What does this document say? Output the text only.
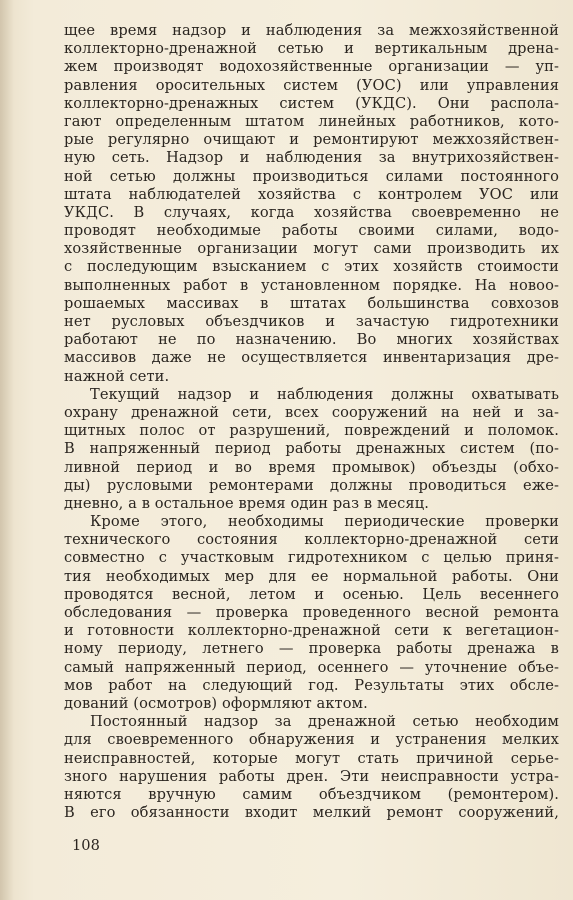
щее время надзор и наблюдения за межхозяйственной
коллекторно-дренажной сетью и вертикальным дрена-
жем производят водохозяйственные организации — уп-
равления оросительных систем (УОС) или управления
коллекторно-дренажных систем (УКДС). Они распола-
гают определенным штатом линейных работников, кото-
рые регулярно очищают и ремонтируют межхозяйствен-
ную сеть. Надзор и наблюдения за внутрихозяйствен-
ной сетью должны производиться силами постоянного
штата наблюдателей хозяйства с контролем УОС или
УКДС. В случаях, когда хозяйства своевременно не
проводят необходимые работы своими силами, водо-
хозяйственные организации могут сами производить их
с последующим взысканием с этих хозяйств стоимости
выполненных работ в установленном порядке. На новоо-
рошаемых массивах в штатах большинства совхозов
нет русловых объездчиков и зачастую гидротехники
работают не по назначению. Во многих хозяйствах
массивов даже не осуществляется инвентаризация дре-
нажной сети.
Текущий надзор и наблюдения должны охватывать
охрану дренажной сети, всех сооружений на ней и за-
щитных полос от разрушений, повреждений и поломок.
В напряженный период работы дренажных систем (по-
ливной период и во время промывок) объезды (обхо-
ды) русловыми ремонтерами должны проводиться еже-
дневно, а в остальное время один раз в месяц.
Кроме этого, необходимы периодические проверки
технического состояния коллекторно-дренажной сети
совместно с участковым гидротехником с целью приня-
тия необходимых мер для ее нормальной работы. Они
проводятся весной, летом и осенью. Цель весеннего
обследования — проверка проведенного весной ремонта
и готовности коллекторно-дренажной сети к вегетацион-
ному периоду, летнего — проверка работы дренажа в
самый напряженный период, осеннего — уточнение объе-
мов работ на следующий год. Результаты этих обсле-
дований (осмотров) оформляют актом.
Постоянный надзор за дренажной сетью необходим
для своевременного обнаружения и устранения мелких
неисправностей, которые могут стать причиной серье-
зного нарушения работы дрен. Эти неисправности устра-
няются вручную самим объездчиком (ремонтером).
В его обязанности входит мелкий ремонт сооружений,
108
